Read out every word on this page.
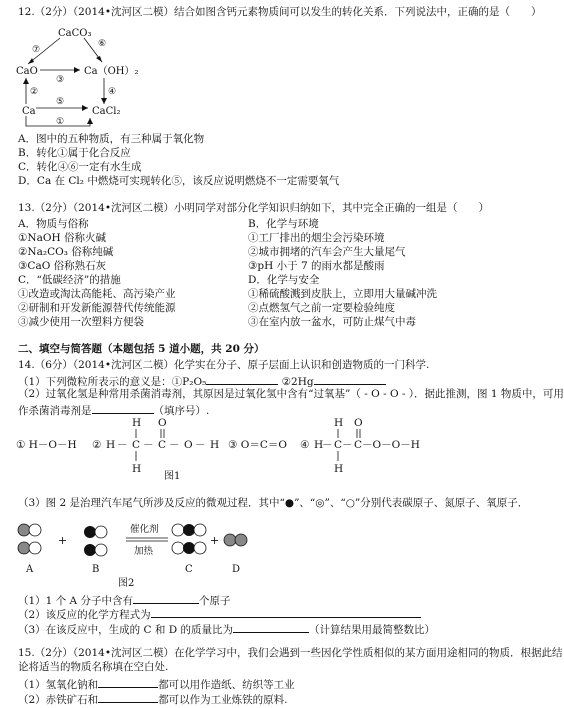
12.（2分）（2014•沈河区二模）结合如图含钙元素物质间可以发生的转化关系．下列说法中，正确的是（　　）
CaCO₃
CaO	Ca（OH）₂
Ca	CaCl₂
⑦
⑥
③
②	④
⑤
①
A．图中的五种物质，有三种属于氧化物
B．转化①属于化合反应
C．转化④⑥一定有水生成
D．Ca 在 Cl₂ 中燃烧可实现转化⑤，该反应说明燃烧不一定需要氧气
13.（2分）（2014•沈河区二模）小明同学对部分化学知识归纳如下，其中完全正确的一组是（　　）
A．物质与俗称	B．化学与环境
①NaOH 俗称火碱	①工厂排出的烟尘会污染环境
②Na₂CO₃ 俗称纯碱	②城市拥堵的汽车会产生大量尾气
③CaO 俗称熟石灰	③pH 小于 7 的雨水都是酸雨
C．“低碳经济”的措施	D．化学与安全
①改造或淘汰高能耗、高污染产业	①稀硫酸溅到皮肤上，立即用大量碱冲洗
②研制和开发新能源替代传统能源	②点燃氢气之前一定要检验纯度
③减少使用一次塑料方便袋	③在室内放一盆水，可防止煤气中毒
二、填空与简答题（本题包括 5 道小题，共 20 分）
14.（6分）（2014•沈河区二模）化学实在分子、原子层面上认识和创造物质的一门科学.
（1）下列微粒所表示的意义是：①P₂O₅	②2Hg
（2）过氧化氢是种常用杀菌消毒剂，其原因是过氧化氢中含有“过氧基”（ - O - O - ）．据此推测，图 1 物质中，可用
作杀菌消毒剂是	（填序号）.
① H－O－H ② H － C － C － O － H
H
H
O
③ O＝C＝O ④ H
－ C － C －O－O－H
H
H
O
图1
（3）图 2 是治理汽车尾气所涉及反应的微观过程．其中“●”、“◎”、“○”分别代表碳原子、氮原子、氧原子．
+
催化剂
加热
+
A	B	C	D
图2
（1）1 个 A 分子中含有	个原子
（2）该反应的化学方程式为
（3）在该反应中，生成的 C 和 D 的质量比为	（计算结果用最简整数比）
15.（2分）（2014•沈河区二模）在化学学习中，我们会遇到一些因化学性质相似的某方面用途相同的物质．根据此结
论将适当的物质名称填在空白处.
（1）氢氧化钠和	都可以用作造纸、纺织等工业
（2）赤铁矿石和	都可以作为工业炼铁的原料.
